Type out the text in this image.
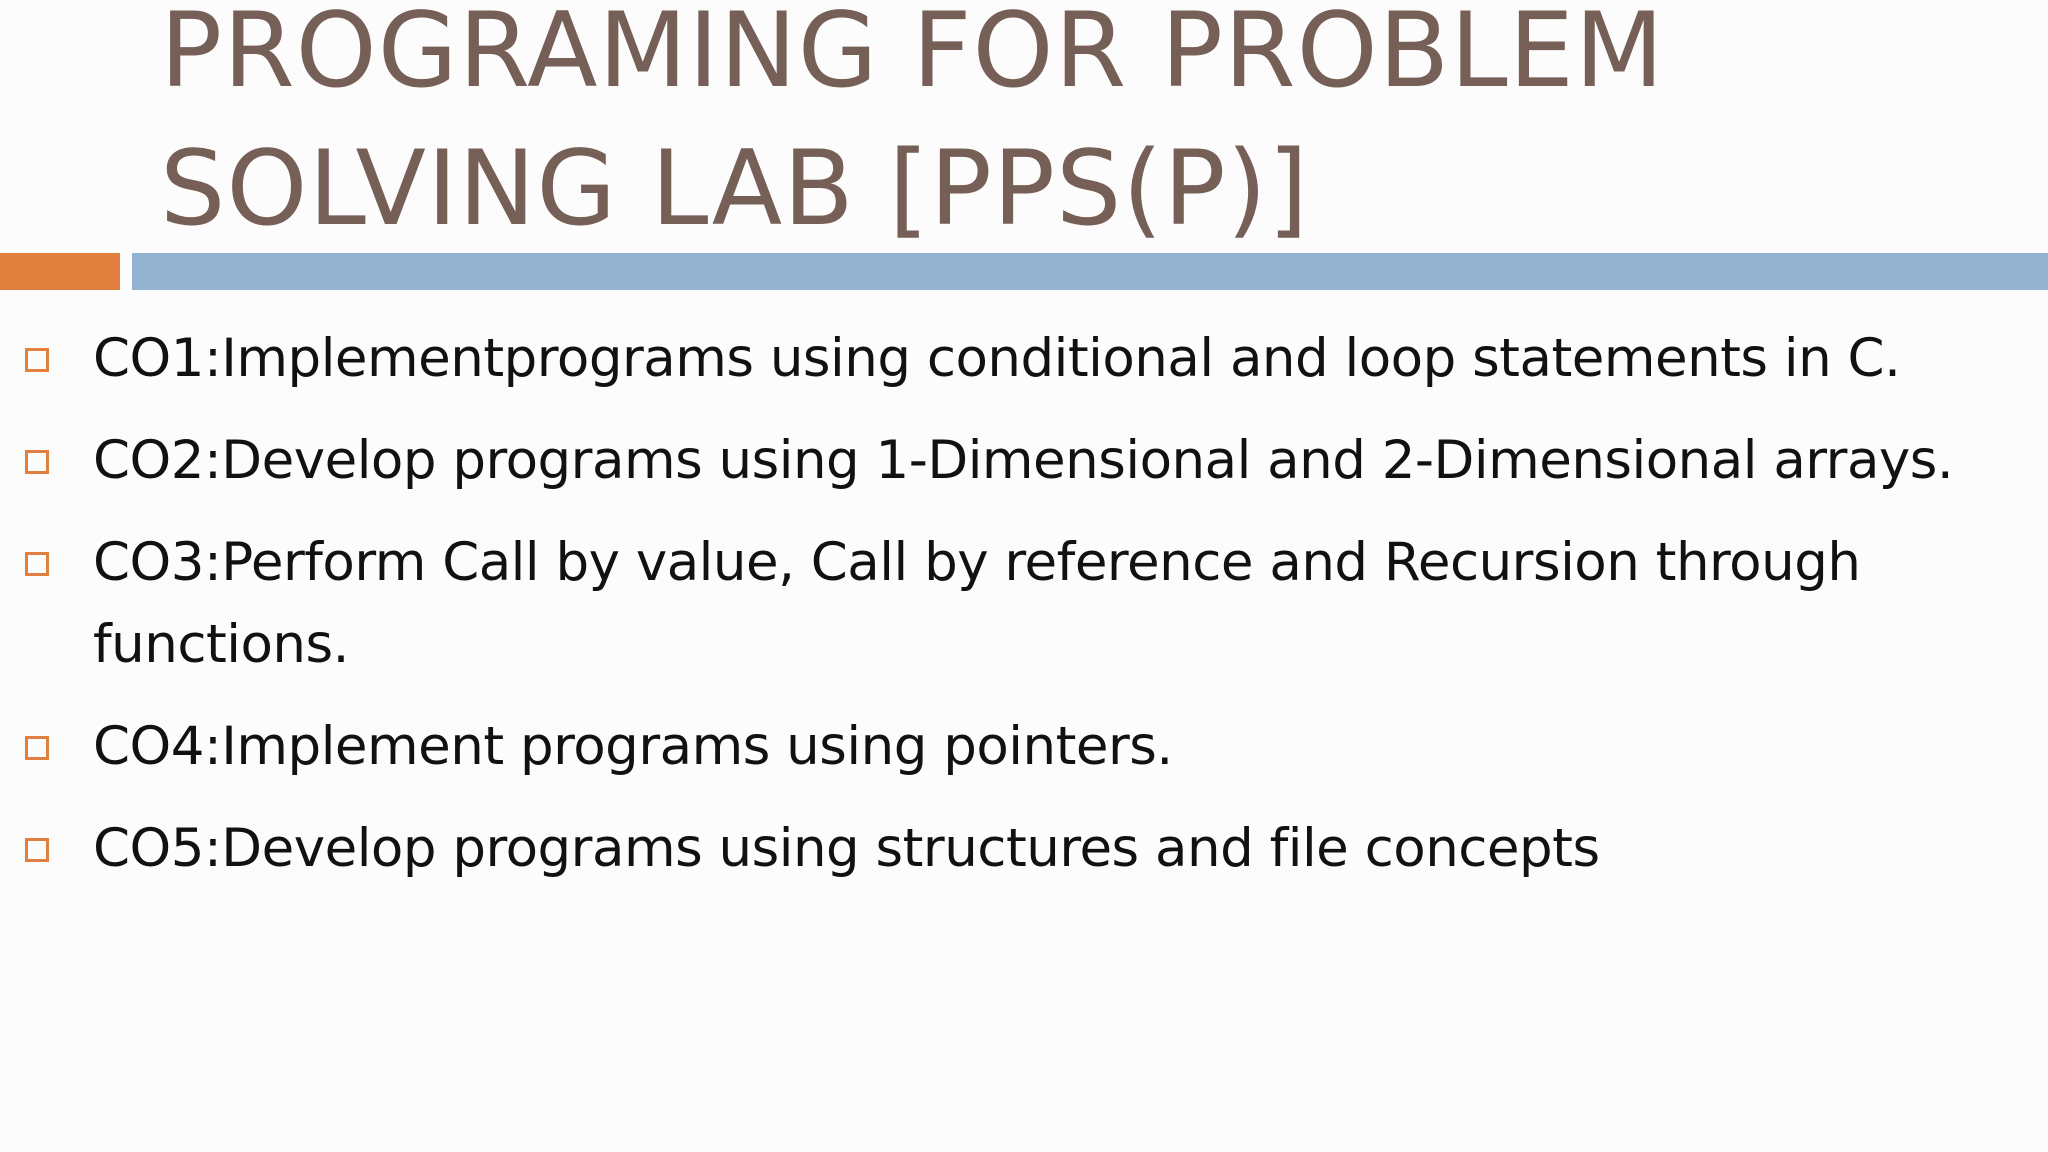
PROGRAMING FOR PROBLEM
SOLVING LAB [PPS(P)]
CO1:Implementprograms using conditional and loop statements in C.
CO2:Develop programs using 1-Dimensional and 2-Dimensional arrays.
CO3:Perform Call by value, Call by reference and Recursion through functions.
CO4:Implement programs using pointers.
CO5:Develop programs using structures and file concepts
